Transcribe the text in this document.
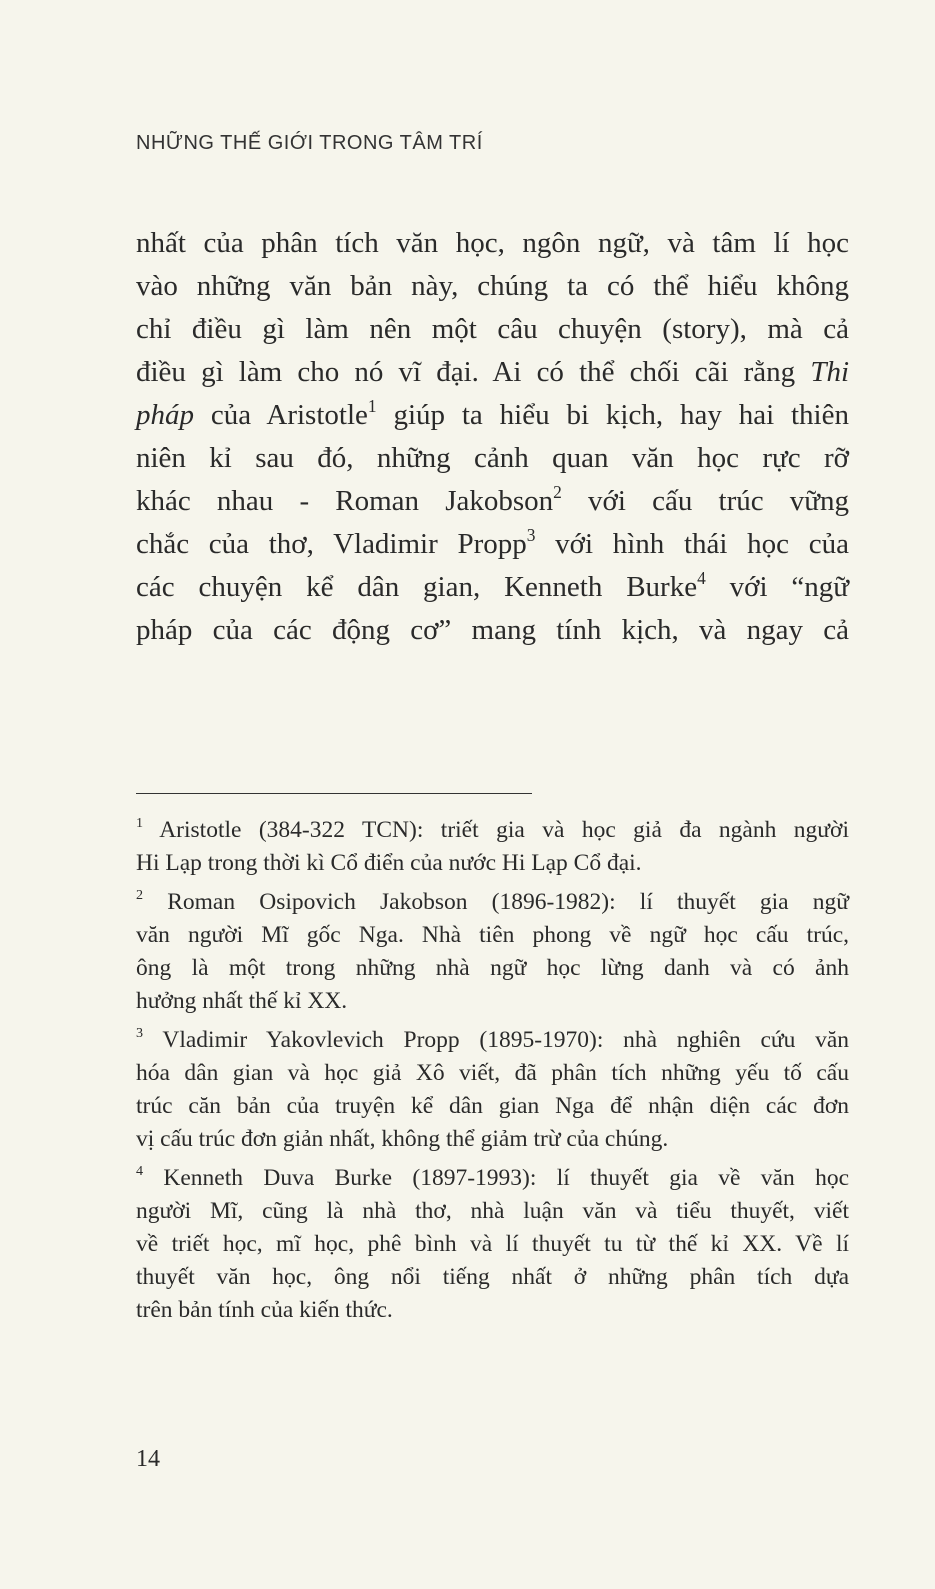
NHỮNG THẾ GIỚI TRONG TÂM TRÍ
nhất của phân tích văn học, ngôn ngữ, và tâm lí học
vào những văn bản này, chúng ta có thể hiểu không
chỉ điều gì làm nên một câu chuyện (story), mà cả
điều gì làm cho nó vĩ đại. Ai có thể chối cãi rằng Thi
pháp của Aristotle$^1$ giúp ta hiểu bi kịch, hay hai thiên
niên kỉ sau đó, những cảnh quan văn học rực rỡ
khác nhau - Roman Jakobson$^2$ với cấu trúc vững
chắc của thơ, Vladimir Propp$^3$ với hình thái học của
các chuyện kể dân gian, Kenneth Burke$^4$ với “ngữ
pháp của các động cơ” mang tính kịch, và ngay cả
$^1$ Aristotle (384-322 TCN): triết gia và học giả đa ngành người
Hi Lạp trong thời kì Cổ điển của nước Hi Lạp Cổ đại.
$^2$ Roman Osipovich Jakobson (1896-1982): lí thuyết gia ngữ
văn người Mĩ gốc Nga. Nhà tiên phong về ngữ học cấu trúc,
ông là một trong những nhà ngữ học lừng danh và có ảnh
hưởng nhất thế kỉ XX.
$^3$ Vladimir Yakovlevich Propp (1895-1970): nhà nghiên cứu văn
hóa dân gian và học giả Xô viết, đã phân tích những yếu tố cấu
trúc căn bản của truyện kể dân gian Nga để nhận diện các đơn
vị cấu trúc đơn giản nhất, không thể giảm trừ của chúng.
$^4$ Kenneth Duva Burke (1897-1993): lí thuyết gia về văn học
người Mĩ, cũng là nhà thơ, nhà luận văn và tiểu thuyết, viết
về triết học, mĩ học, phê bình và lí thuyết tu từ thế kỉ XX. Về lí
thuyết văn học, ông nổi tiếng nhất ở những phân tích dựa
trên bản tính của kiến thức.
14
